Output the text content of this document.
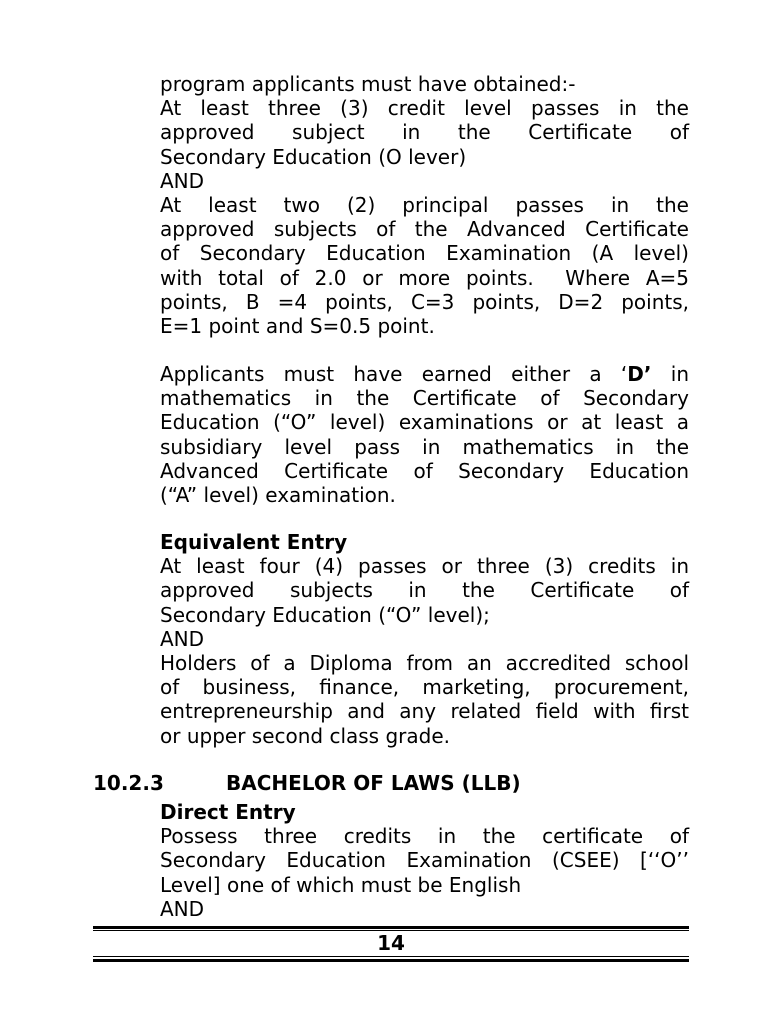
program applicants must have obtained:-
At least three (3) credit level passes in the
approved subject in the Certificate of
Secondary Education (O lever)
AND
At least two (2) principal passes in the
approved subjects of the Advanced Certificate
of Secondary Education Examination (A level)
with total of 2.0 or more points.  Where A=5
points, B =4 points, C=3 points, D=2 points,
E=1 point and S=0.5 point.
Applicants must have earned either a ‘D’ in
mathematics in the Certificate of Secondary
Education (“O” level) examinations or at least a
subsidiary level pass in mathematics in the
Advanced Certificate of Secondary Education
(“A” level) examination.
Equivalent Entry
At least four (4) passes or three (3) credits in
approved subjects in the Certificate of
Secondary Education (“O” level);
AND
Holders of a Diploma from an accredited school
of business, finance, marketing, procurement,
entrepreneurship and any related field with first
or upper second class grade.
10.2.3	BACHELOR OF LAWS (LLB)
Direct Entry
Possess three credits in the certificate of
Secondary Education Examination (CSEE) [‘‘O’’
Level] one of which must be English
AND
14
